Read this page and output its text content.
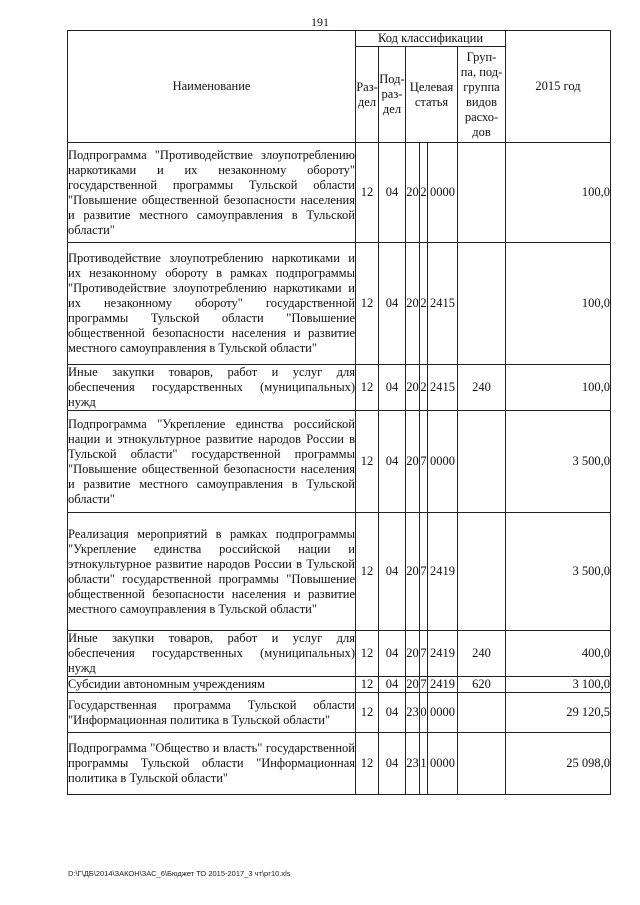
191
Наименование	Код классификации						2015 год
	Раз- дел	Под- раз- дел	Целевая статья			Груп- па, под- группа видов расхо- дов	
Подпрограмма "Противодействие злоупотреблению наркотиками и их незаконному обороту" государственной программы Тульской области "Повышение общественной безопасности населения и развитие местного самоуправления в Тульской области"	12	04	20	2	0000		100,0
Противодействие злоупотреблению наркотиками и их незаконному обороту в рамках подпрограммы "Противодействие злоупотреблению наркотиками и их незаконному обороту" государственной программы Тульской области "Повышение общественной безопасности населения и развитие местного самоуправления в Тульской области"	12	04	20	2	2415		100,0
Иные закупки товаров, работ и услуг для обеспечения государственных (муниципальных) нужд	12	04	20	2	2415	240	100,0
Подпрограмма "Укрепление единства российской нации и этнокультурное развитие народов России в Тульской области" государственной программы "Повышение общественной безопасности населения и развитие местного самоуправления в Тульской области"	12	04	20	7	0000		3 500,0
Реализация мероприятий в рамках подпрограммы "Укрепление единства российской нации и этнокультурное развитие народов России в Тульской области" государственной программы "Повышение общественной безопасности населения и развитие местного самоуправления в Тульской области"	12	04	20	7	2419		3 500,0
Иные закупки товаров, работ и услуг для обеспечения государственных (муниципальных) нужд	12	04	20	7	2419	240	400,0
Субсидии автономным учреждениям	12	04	20	7	2419	620	3 100,0
Государственная программа Тульской области "Информационная политика в Тульской области"	12	04	23	0	0000		29 120,5
Подпрограмма "Общество и власть" государственной программы Тульской области "Информационная политика в Тульской области"	12	04	23	1	0000		25 098,0
D:\Г\ДБ\2014\ЗАКОН\ЗАС_6\Бюджет ТО 2015-2017_3 чт\рг10.xls
